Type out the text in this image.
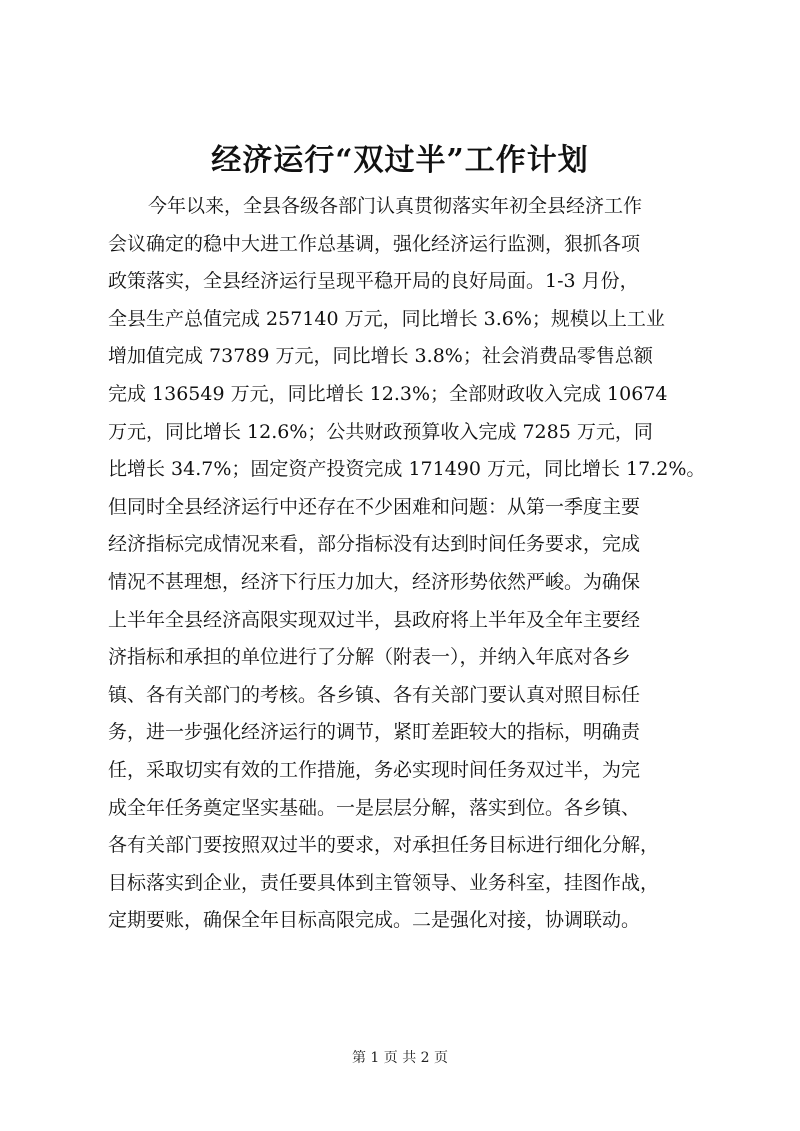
经济运行“双过半”工作计划
今年以来，全县各级各部门认真贯彻落实年初全县经济工作
会议确定的稳中大进工作总基调，强化经济运行监测，狠抓各项
政策落实，全县经济运行呈现平稳开局的良好局面。1-3 月份，
全县生产总值完成 257140 万元，同比增长 3.6%；规模以上工业
增加值完成 73789 万元，同比增长 3.8%；社会消费品零售总额
完成 136549 万元，同比增长 12.3%；全部财政收入完成 10674
万元，同比增长 12.6%；公共财政预算收入完成 7285 万元，同
比增长 34.7%；固定资产投资完成 171490 万元，同比增长 17.2%。
但同时全县经济运行中还存在不少困难和问题：从第一季度主要
经济指标完成情况来看，部分指标没有达到时间任务要求，完成
情况不甚理想，经济下行压力加大，经济形势依然严峻。为确保
上半年全县经济高限实现双过半，县政府将上半年及全年主要经
济指标和承担的单位进行了分解（附表一），并纳入年底对各乡
镇、各有关部门的考核。各乡镇、各有关部门要认真对照目标任
务，进一步强化经济运行的调节，紧盯差距较大的指标，明确责
任，采取切实有效的工作措施，务必实现时间任务双过半，为完
成全年任务奠定坚实基础。一是层层分解，落实到位。各乡镇、
各有关部门要按照双过半的要求，对承担任务目标进行细化分解，
目标落实到企业，责任要具体到主管领导、业务科室，挂图作战，
定期要账，确保全年目标高限完成。二是强化对接，协调联动。
第 1 页 共 2 页
